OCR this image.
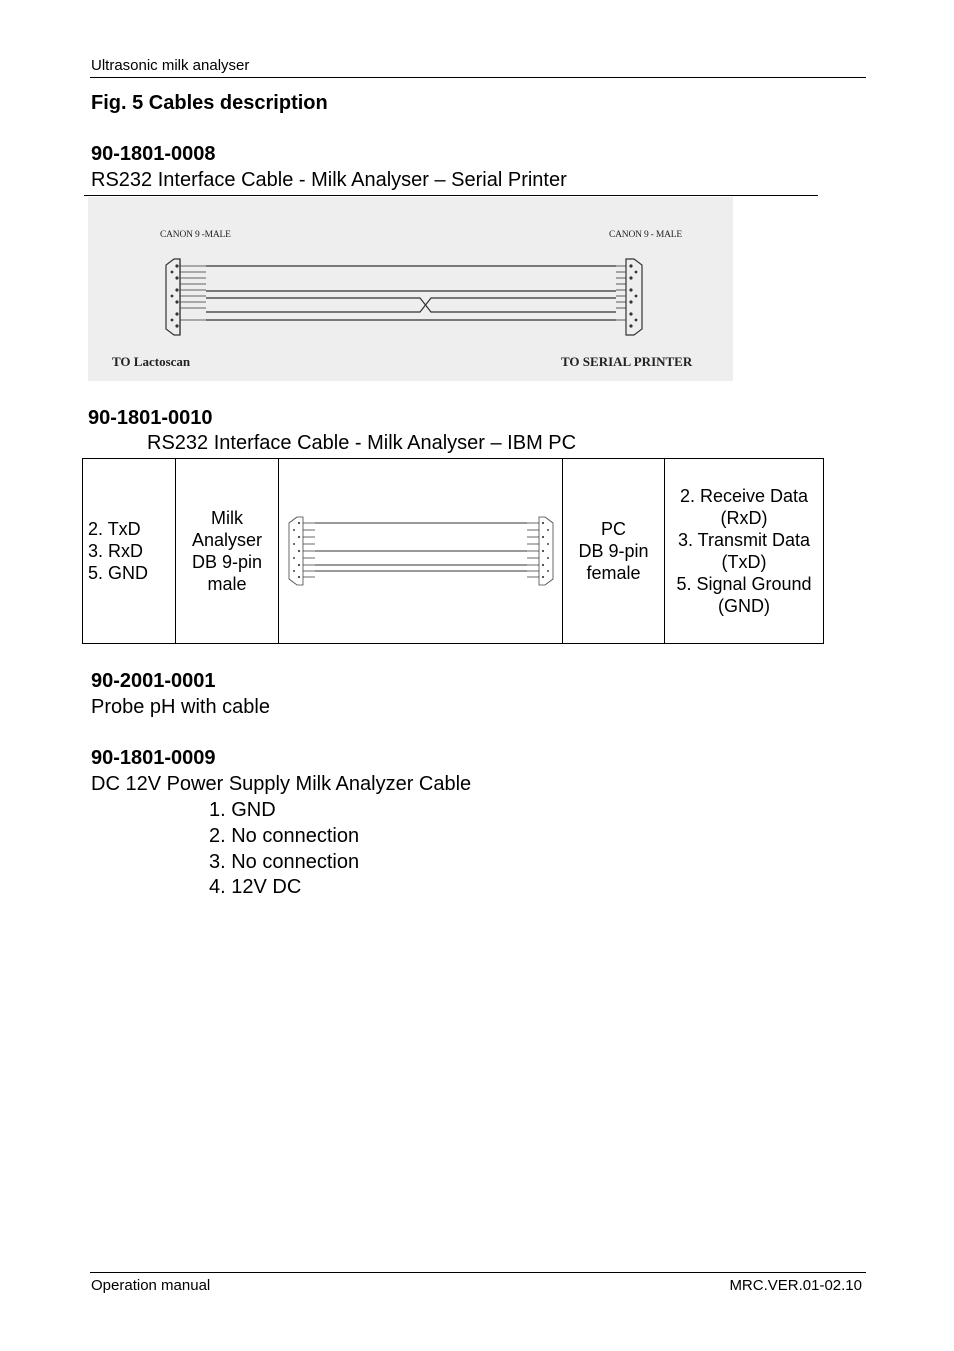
Ultrasonic milk analyser
Fig. 5 Cables description
90-1801-0008
RS232 Interface Cable - Milk Analyser – Serial Printer
CANON 9 -MALE	CANON 9 - MALE
TO Lactoscan	TO SERIAL PRINTER
90-1801-0010
RS232 Interface Cable - Milk Analyser – IBM PC
2. TxD
3. RxD
5. GND

Milk
Analyser
DB 9-pin
male

PC
DB 9-pin
female

2. Receive Data
(RxD)
3. Transmit Data
(TxD)
5. Signal Ground
(GND)
90-2001-0001
Probe pH with cable
90-1801-0009
DC 12V Power Supply Milk Analyzer Cable
1. GND
2. No connection
3. No connection
4. 12V DC
Operation manual	MRC.VER.01-02.10
